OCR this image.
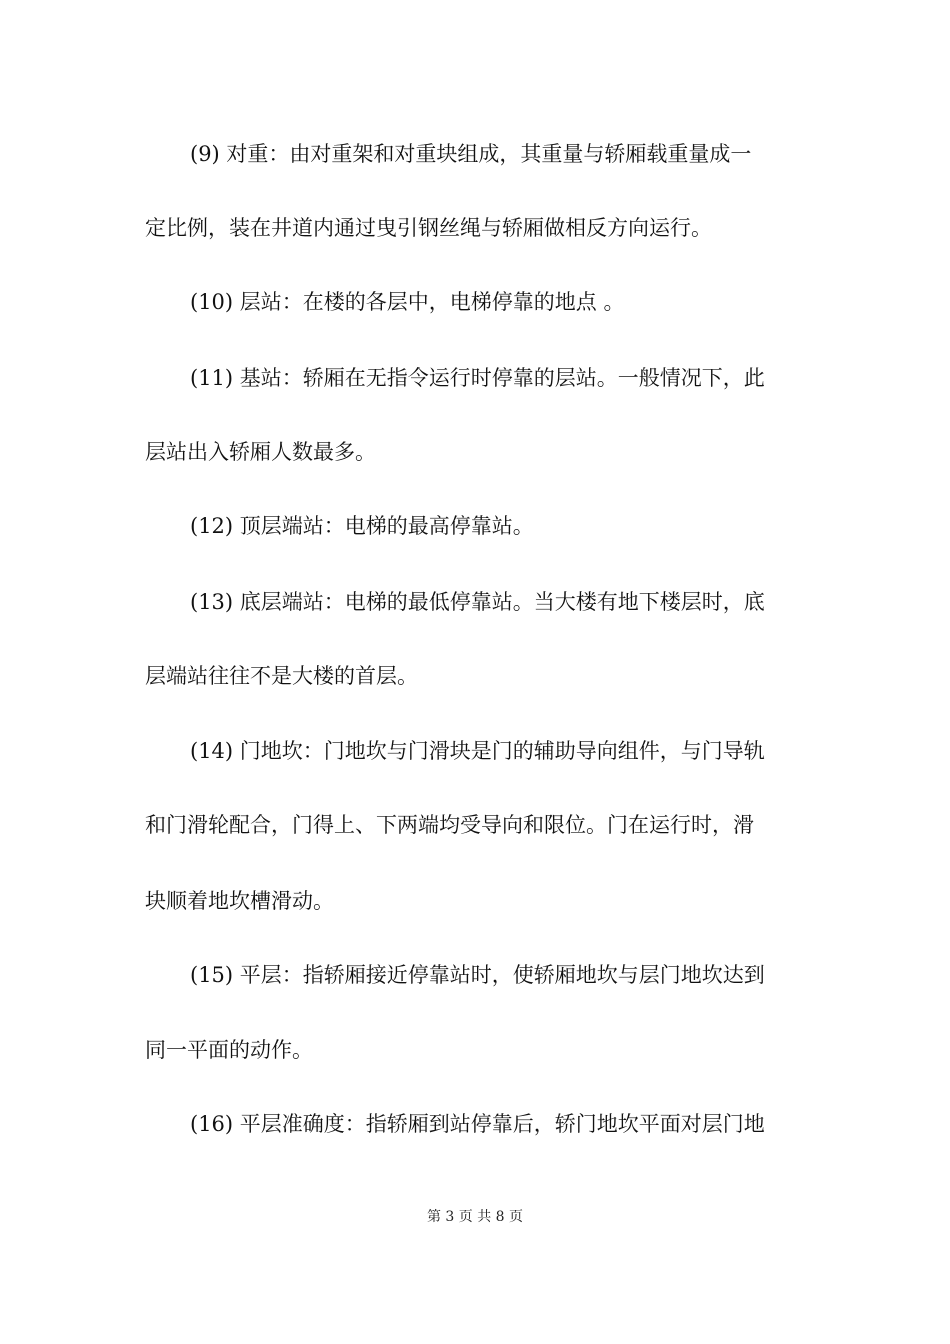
(9) 对重：由对重架和对重块组成，其重量与轿厢载重量成一
定比例，装在井道内通过曳引钢丝绳与轿厢做相反方向运行。
(10) 层站：在楼的各层中，电梯停靠的地点 。
(11) 基站：轿厢在无指令运行时停靠的层站。一般情况下，此
层站出入轿厢人数最多。
(12) 顶层端站：电梯的最高停靠站。
(13) 底层端站：电梯的最低停靠站。当大楼有地下楼层时，底
层端站往往不是大楼的首层。
(14) 门地坎：门地坎与门滑块是门的辅助导向组件，与门导轨
和门滑轮配合，门得上、下两端均受导向和限位。门在运行时，滑
块顺着地坎槽滑动。
(15) 平层：指轿厢接近停靠站时，使轿厢地坎与层门地坎达到
同一平面的动作。
(16) 平层准确度：指轿厢到站停靠后，轿门地坎平面对层门地
第 3 页 共 8 页
